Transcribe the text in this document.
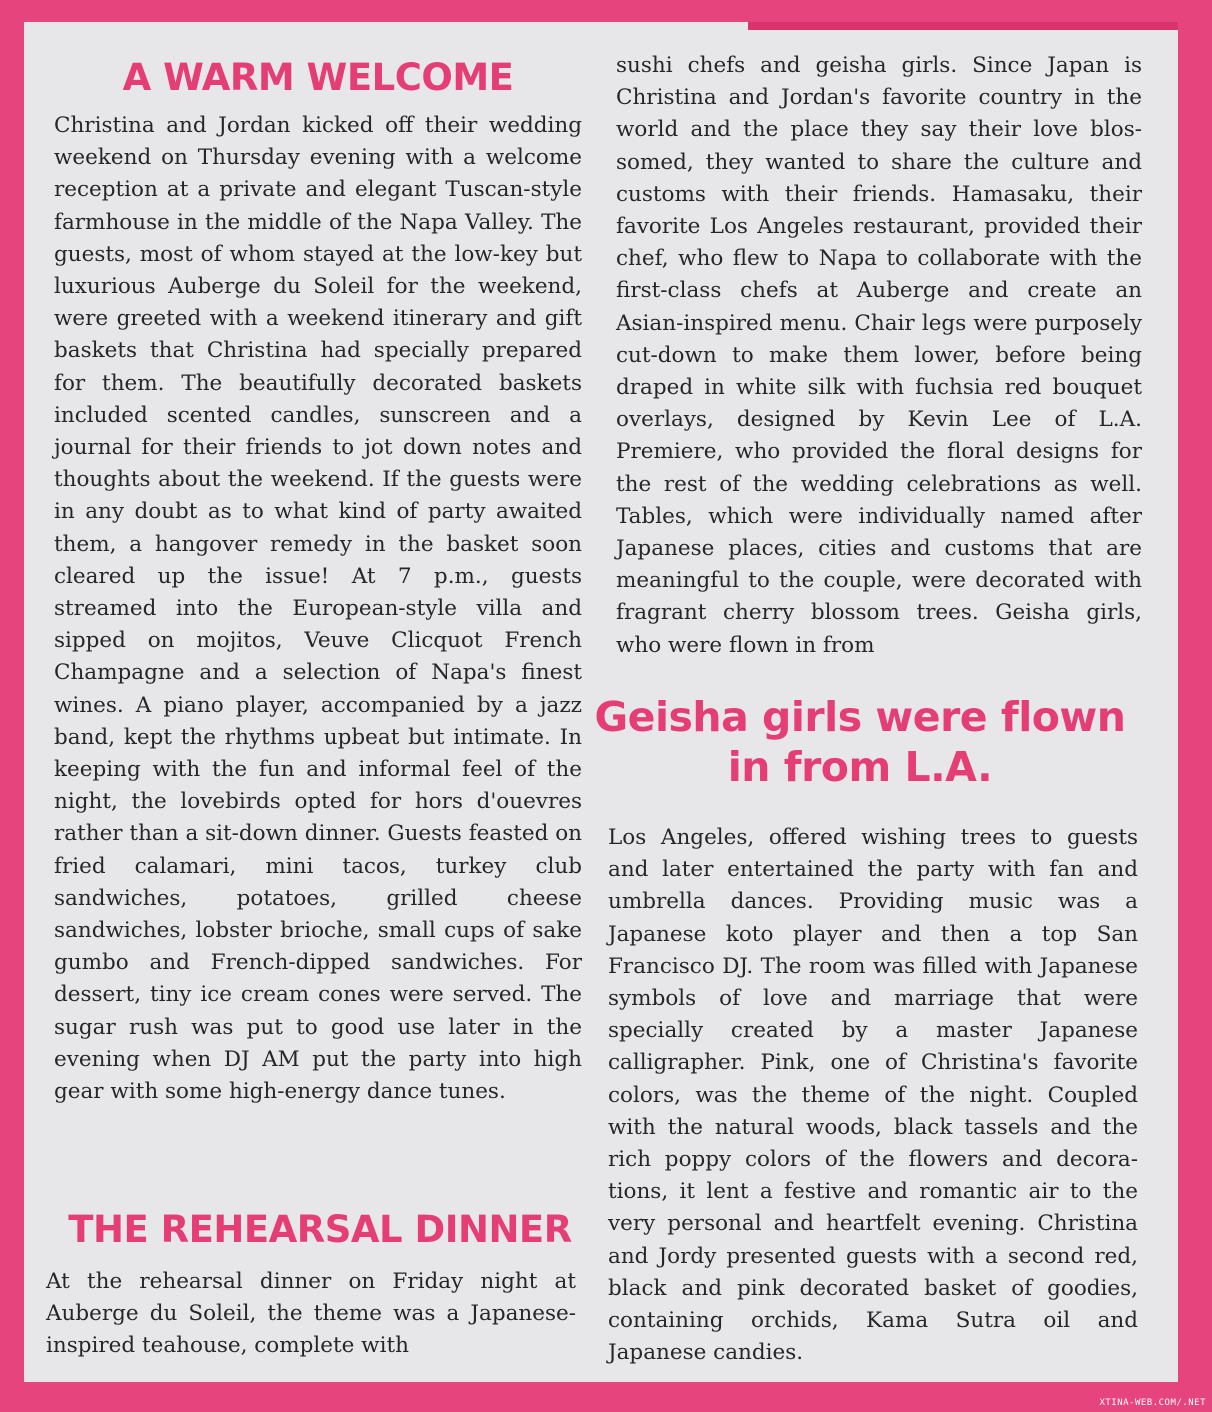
A WARM WELCOME

Christina and Jordan kicked off their wedding weekend on Thursday evening with a welcome reception at a private and elegant Tuscan-style farmhouse in the middle of the Napa Valley. The guests, most of whom stayed at the low-key but luxurious Auberge du Soleil for the weekend, were greeted with a weekend itinerary and gift baskets that Christina had specially prepared for them. The beautifully decorated baskets included scented candles, sunscreen and a journal for their friends to jot down notes and thoughts about the weekend. If the guests were in any doubt as to what kind of party awaited them, a hangover remedy in the basket soon cleared up the issue! At 7 p.m., guests streamed into the European-style villa and sipped on mojitos, Veuve Clicquot French Champagne and a selection of Napa's finest wines. A piano player, accompanied by a jazz band, kept the rhythms upbeat but intimate. In keeping with the fun and informal feel of the night, the lovebirds opted for hors d'ouevres rather than a sit-down dinner. Guests feasted on fried calamari, mini tacos, turkey club sandwiches, potatoes, grilled cheese sandwiches, lobster brioche, small cups of sake gumbo and French-dipped sandwiches. For dessert, tiny ice cream cones were served. The sugar rush was put to good use later in the evening when DJ AM put the party into high gear with some high-energy dance tunes.

THE REHEARSAL DINNER

At the rehearsal dinner on Friday night at Auberge du Soleil, the theme was a Japanese-inspired teahouse, complete with

sushi chefs and geisha girls. Since Japan is Christina and Jordan's favorite country in the world and the place they say their love blossomed, they wanted to share the culture and customs with their friends. Hamasaku, their favorite Los Angeles restaurant, provided their chef, who flew to Napa to collaborate with the first-class chefs at Auberge and create an Asian-inspired menu. Chair legs were purposely cut-down to make them lower, before being draped in white silk with fuchsia red bouquet overlays, designed by Kevin Lee of L.A. Premiere, who provided the floral designs for the rest of the wedding celebrations as well. Tables, which were individually named after Japanese places, cities and customs that are meaningful to the couple, were decorated with fragrant cherry blossom trees. Geisha girls, who were flown in from

Geisha girls were flown in from L.A.

Los Angeles, offered wishing trees to guests and later entertained the party with fan and umbrella dances. Providing music was a Japanese koto player and then a top San Francisco DJ. The room was filled with Japanese symbols of love and marriage that were specially created by a master Japanese calligrapher. Pink, one of Christina's favorite colors, was the theme of the night. Coupled with the natural woods, black tassels and the rich poppy colors of the flowers and decorations, it lent a festive and romantic air to the very personal and heartfelt evening. Christina and Jordy presented guests with a second red, black and pink decorated basket of goodies, containing orchids, Kama Sutra oil and Japanese candies.

XTINA-WEB.COM/.NET
